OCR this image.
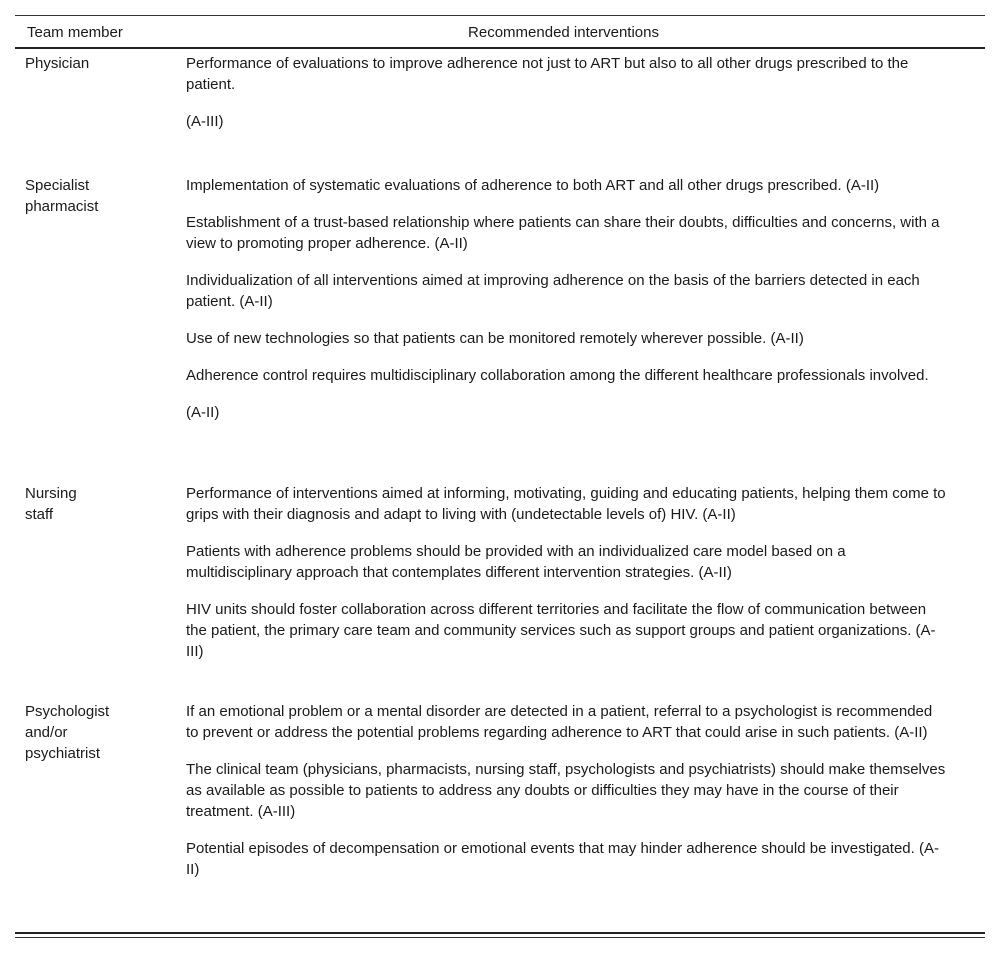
Team member	Recommended interventions
Physician	Performance of evaluations to improve adherence not just to ART but also to all other drugs prescribed to the patient.

(A-III)

Specialist
pharmacist

Implementation of systematic evaluations of adherence to both ART and all other drugs prescribed. (A-II)

Establishment of a trust-based relationship where patients can share their doubts, difficulties and concerns, with a view to promoting proper adherence. (A-II)

Individualization of all interventions aimed at improving adherence on the basis of the barriers detected in each patient. (A-II)

Use of new technologies so that patients can be monitored remotely wherever possible. (A-II)

Adherence control requires multidisciplinary collaboration among the different healthcare professionals involved.

(A-II)

Nursing
staff

Performance of interventions aimed at informing, motivating, guiding and educating patients, helping them come to grips with their diagnosis and adapt to living with (undetectable levels of) HIV. (A-II)

Patients with adherence problems should be provided with an individualized care model based on a multidisciplinary approach that contemplates different intervention strategies. (A-II)

HIV units should foster collaboration across different territories and facilitate the flow of communication between the patient, the primary care team and community services such as support groups and patient organizations. (A-III)

Psychologist
and/or
psychiatrist

If an emotional problem or a mental disorder are detected in a patient, referral to a psychologist is recommended to prevent or address the potential problems regarding adherence to ART that could arise in such patients. (A-II)

The clinical team (physicians, pharmacists, nursing staff, psychologists and psychiatrists) should make themselves as available as possible to patients to address any doubts or difficulties they may have in the course of their treatment. (A-III)

Potential episodes of decompensation or emotional events that may hinder adherence should be investigated. (A-II)
